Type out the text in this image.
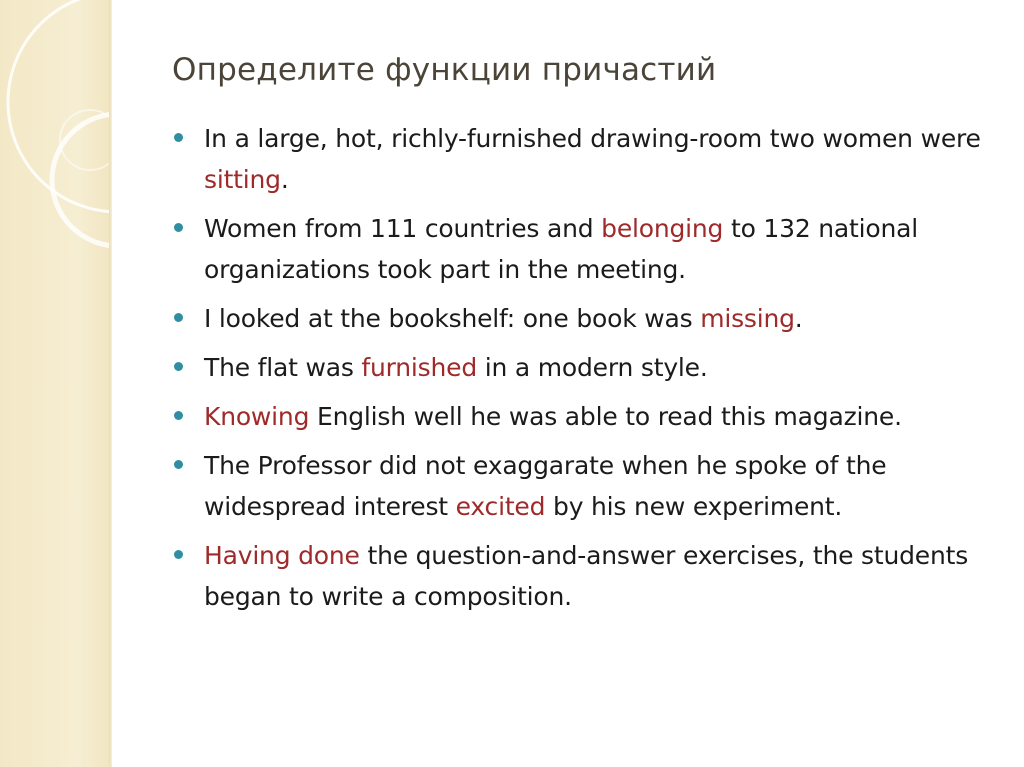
Определите функции причастий
In a large, hot, richly-furnished drawing-room two women were sitting.
Women from 111 countries and belonging to 132 national organizations took part in the meeting.
I looked at the bookshelf: one book was missing.
The flat was furnished in a modern style.
Knowing English well he was able to read this magazine.
The Professor did not exaggarate when he spoke of the widespread interest excited by his new experiment.
Having done the question-and-answer exercises, the students began to write a composition.
